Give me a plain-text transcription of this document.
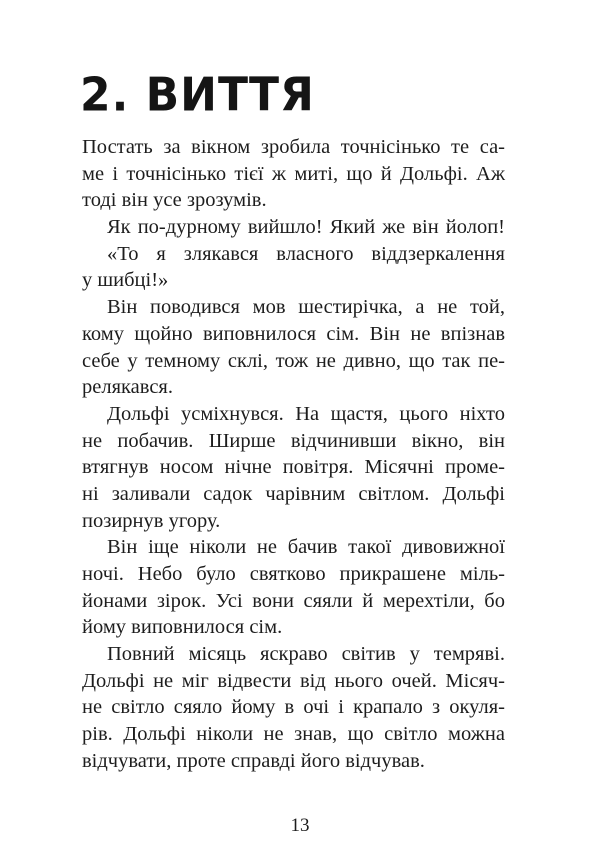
2. ВИТТЯ
Постать за вікном зробила точнісінько те са-
ме і точнісінько тієї ж миті, що й Дольфі. Аж
тоді він усе зрозумів.
Як по-дурному вийшло! Який же він йолоп!
«То я злякався власного віддзеркалення
у шибці!»
Він поводився мов шестирічка, а не той,
кому щойно виповнилося сім. Він не впізнав
себе у темному склі, тож не дивно, що так пе-
релякався.
Дольфі усміхнувся. На щастя, цього ніхто
не побачив. Ширше відчинивши вікно, він
втягнув носом нічне повітря. Місячні проме-
ні заливали садок чарівним світлом. Дольфі
позирнув угору.
Він іще ніколи не бачив такої дивовижної
ночі. Небо було святково прикрашене міль-
йонами зірок. Усі вони сяяли й мерехтіли, бо
йому виповнилося сім.
Повний місяць яскраво світив у темряві.
Дольфі не міг відвести від нього очей. Місяч-
не світло сяяло йому в очі і крапало з окуля-
рів. Дольфі ніколи не знав, що світло можна
відчувати, проте справді його відчував.
13
